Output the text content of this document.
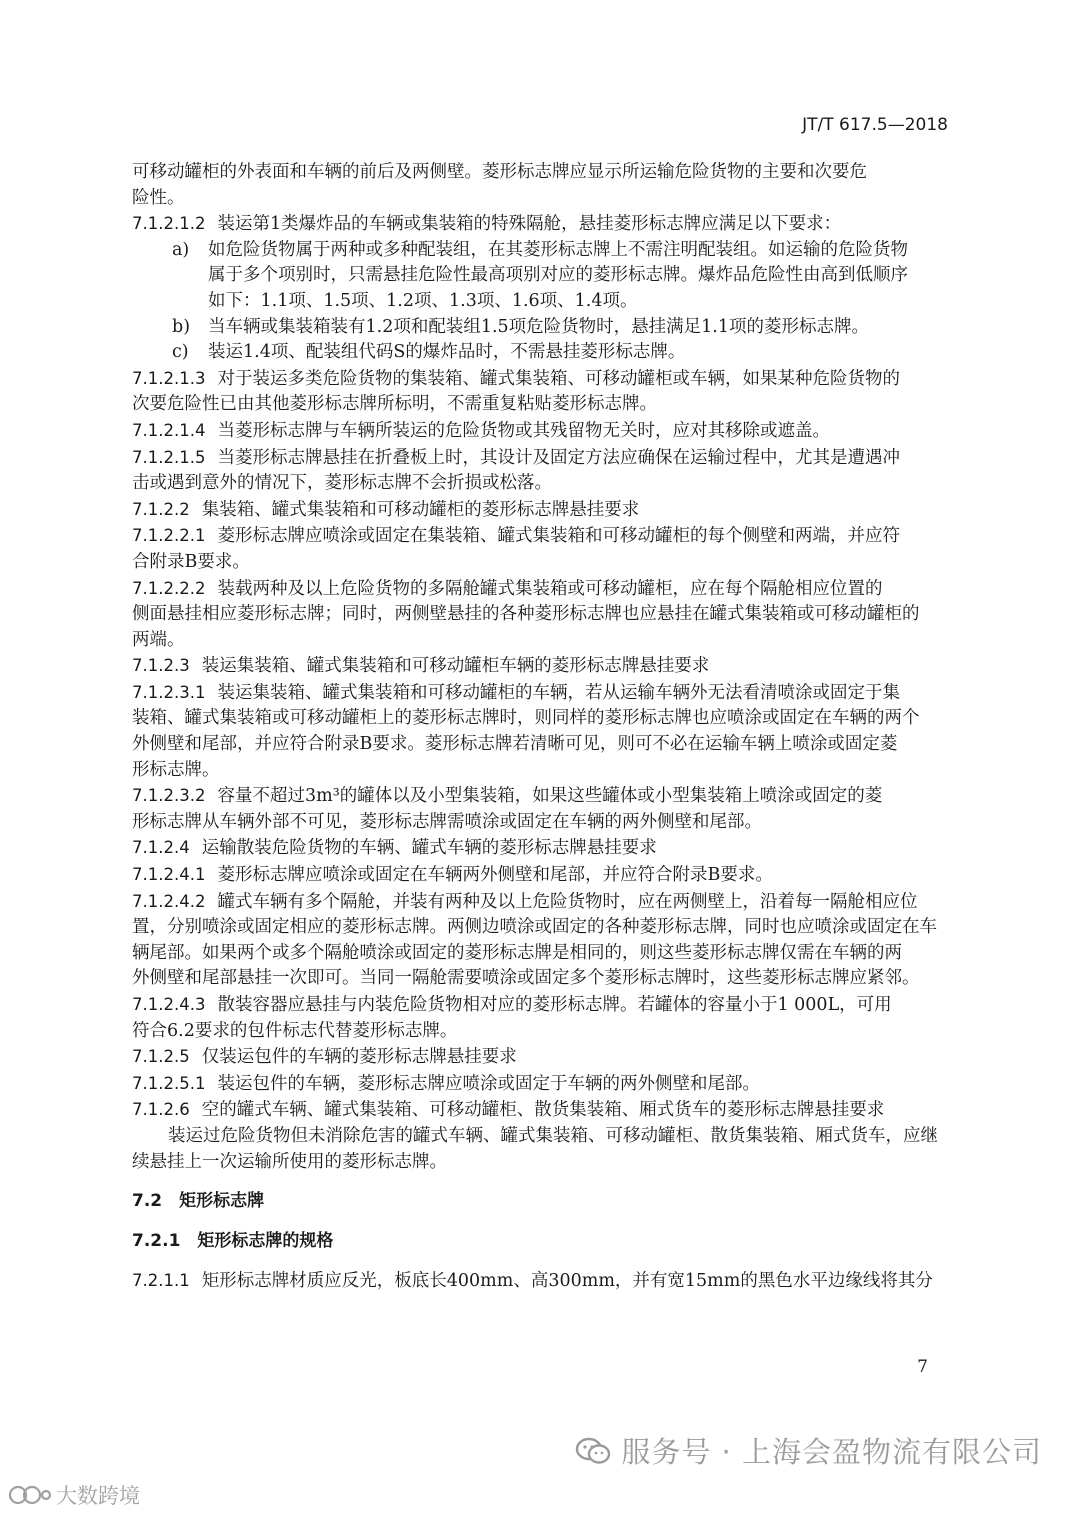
JT/T 617.5—2018
可移动罐柜的外表面和车辆的前后及两侧壁。菱形标志牌应显示所运输危险货物的主要和次要危
险性。
7.1.2.1.2 装运第1类爆炸品的车辆或集装箱的特殊隔舱，悬挂菱形标志牌应满足以下要求：
a) 如危险货物属于两种或多种配装组，在其菱形标志牌上不需注明配装组。如运输的危险货物
属于多个项别时，只需悬挂危险性最高项别对应的菱形标志牌。爆炸品危险性由高到低顺序
如下：1.1项、1.5项、1.2项、1.3项、1.6项、1.4项。
b) 当车辆或集装箱装有1.2项和配装组1.5项危险货物时，悬挂满足1.1项的菱形标志牌。
c) 装运1.4项、配装组代码S的爆炸品时，不需悬挂菱形标志牌。
7.1.2.1.3 对于装运多类危险货物的集装箱、罐式集装箱、可移动罐柜或车辆，如果某种危险货物的
次要危险性已由其他菱形标志牌所标明，不需重复粘贴菱形标志牌。
7.1.2.1.4 当菱形标志牌与车辆所装运的危险货物或其残留物无关时，应对其移除或遮盖。
7.1.2.1.5 当菱形标志牌悬挂在折叠板上时，其设计及固定方法应确保在运输过程中，尤其是遭遇冲
击或遇到意外的情况下，菱形标志牌不会折损或松落。
7.1.2.2 集装箱、罐式集装箱和可移动罐柜的菱形标志牌悬挂要求
7.1.2.2.1 菱形标志牌应喷涂或固定在集装箱、罐式集装箱和可移动罐柜的每个侧壁和两端，并应符
合附录B要求。
7.1.2.2.2 装载两种及以上危险货物的多隔舱罐式集装箱或可移动罐柜，应在每个隔舱相应位置的
侧面悬挂相应菱形标志牌；同时，两侧壁悬挂的各种菱形标志牌也应悬挂在罐式集装箱或可移动罐柜的
两端。
7.1.2.3 装运集装箱、罐式集装箱和可移动罐柜车辆的菱形标志牌悬挂要求
7.1.2.3.1 装运集装箱、罐式集装箱和可移动罐柜的车辆，若从运输车辆外无法看清喷涂或固定于集
装箱、罐式集装箱或可移动罐柜上的菱形标志牌时，则同样的菱形标志牌也应喷涂或固定在车辆的两个
外侧壁和尾部，并应符合附录B要求。菱形标志牌若清晰可见，则可不必在运输车辆上喷涂或固定菱
形标志牌。
7.1.2.3.2 容量不超过3m³的罐体以及小型集装箱，如果这些罐体或小型集装箱上喷涂或固定的菱
形标志牌从车辆外部不可见，菱形标志牌需喷涂或固定在车辆的两外侧壁和尾部。
7.1.2.4 运输散装危险货物的车辆、罐式车辆的菱形标志牌悬挂要求
7.1.2.4.1 菱形标志牌应喷涂或固定在车辆两外侧壁和尾部，并应符合附录B要求。
7.1.2.4.2 罐式车辆有多个隔舱，并装有两种及以上危险货物时，应在两侧壁上，沿着每一隔舱相应位
置，分别喷涂或固定相应的菱形标志牌。两侧边喷涂或固定的各种菱形标志牌，同时也应喷涂或固定在车
辆尾部。如果两个或多个隔舱喷涂或固定的菱形标志牌是相同的，则这些菱形标志牌仅需在车辆的两
外侧壁和尾部悬挂一次即可。当同一隔舱需要喷涂或固定多个菱形标志牌时，这些菱形标志牌应紧邻。
7.1.2.4.3 散装容器应悬挂与内装危险货物相对应的菱形标志牌。若罐体的容量小于1 000L，可用
符合6.2要求的包件标志代替菱形标志牌。
7.1.2.5 仅装运包件的车辆的菱形标志牌悬挂要求
7.1.2.5.1 装运包件的车辆，菱形标志牌应喷涂或固定于车辆的两外侧壁和尾部。
7.1.2.6 空的罐式车辆、罐式集装箱、可移动罐柜、散货集装箱、厢式货车的菱形标志牌悬挂要求
装运过危险货物但未消除危害的罐式车辆、罐式集装箱、可移动罐柜、散货集装箱、厢式货车，应继
续悬挂上一次运输所使用的菱形标志牌。
7.2 矩形标志牌
7.2.1 矩形标志牌的规格
7.2.1.1 矩形标志牌材质应反光，板底长400mm、高300mm，并有宽15mm的黑色水平边缘线将其分
7
服务号 · 上海会盈物流有限公司
大数跨境
